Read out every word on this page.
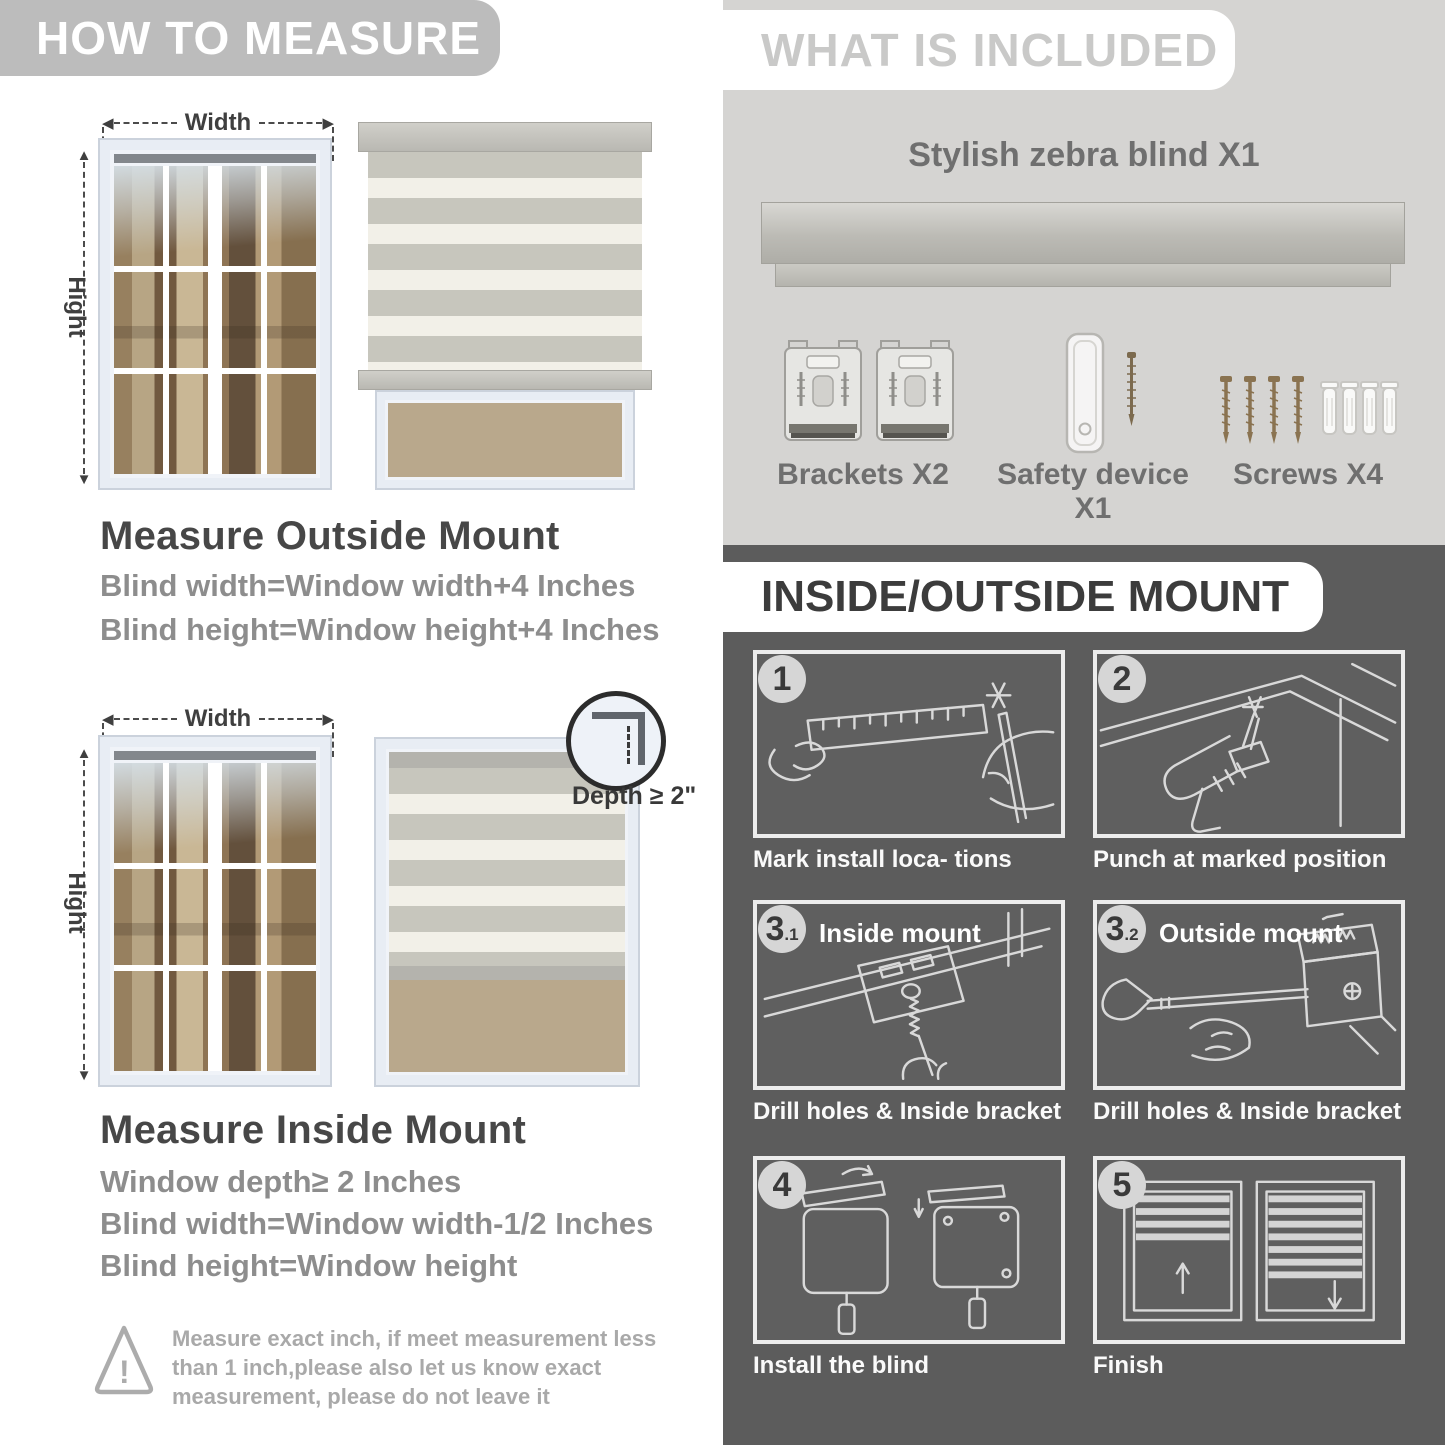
HOW TO MEASURE
◀	Width	▶
▲
▼
Hight
Measure Outside Mount
Blind width=Window width+4 Inches
Blind height=Window height+4 Inches
◀	Width	▶
▲
▼
Hight
Depth ≥ 2"
Measure Inside Mount
Window depth≥ 2 Inches
Blind width=Window width-1/2 Inches
Blind height=Window height
!
Measure exact inch, if meet measurement less than 1 inch,please also let us know exact measurement, please do not leave it
WHAT IS INCLUDED
Stylish zebra blind X1
Brackets X2	Safety device X1
Screws X4
INSIDE/OUTSIDE MOUNT
1	2
3 .1 Inside mount	3 .2 Outside mount
4	5
Mark install loca- tions	Punch at marked position
Drill holes & Inside bracket	Drill holes & Inside bracket
Install the blind	Finish
